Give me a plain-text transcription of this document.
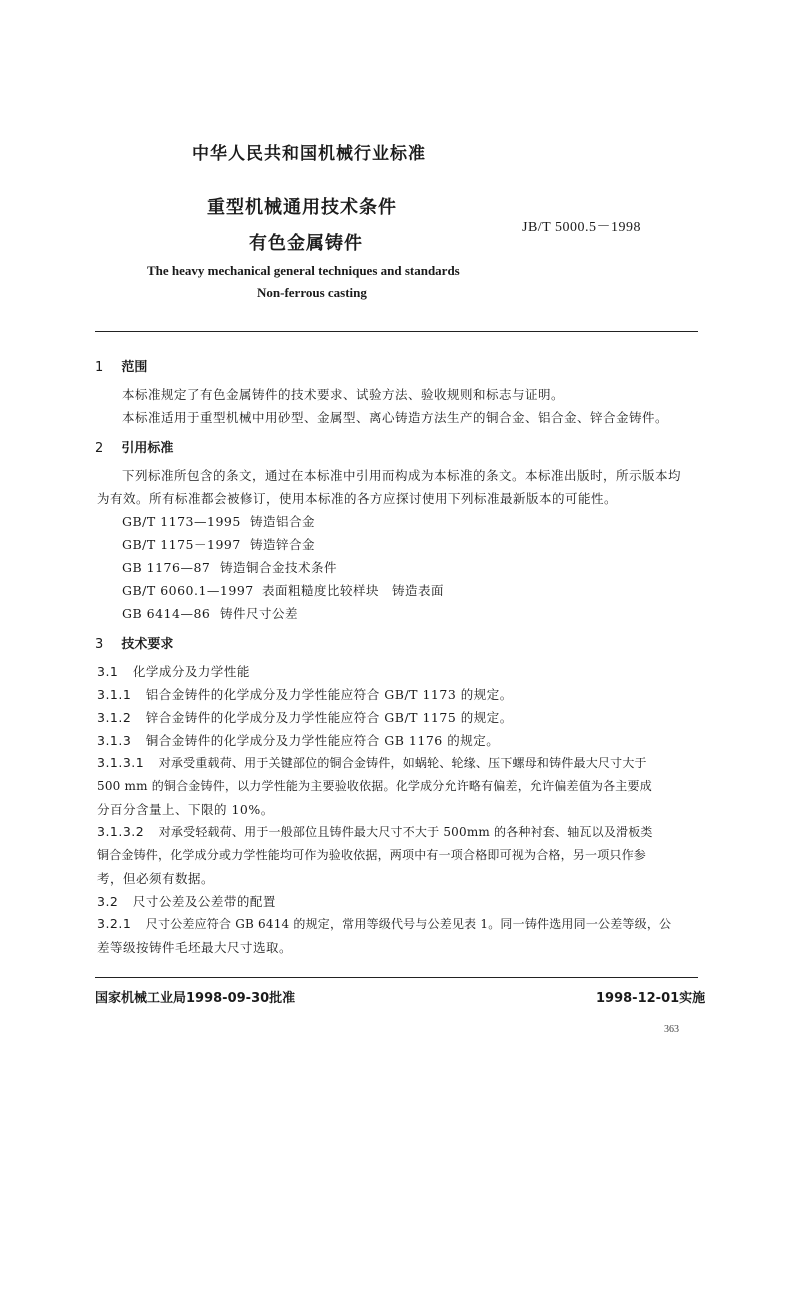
中华人民共和国机械行业标准
重型机械通用技术条件
有色金属铸件
JB/T 5000.5－1998
The heavy mechanical general techniques and standards
Non-ferrous casting
1 范围
本标准规定了有色金属铸件的技术要求、试验方法、验收规则和标志与证明。
本标准适用于重型机械中用砂型、金属型、离心铸造方法生产的铜合金、铝合金、锌合金铸件。
2 引用标准
下列标准所包含的条文，通过在本标准中引用而构成为本标准的条文。本标准出版时，所示版本均
为有效。所有标准都会被修订，使用本标准的各方应探讨使用下列标准最新版本的可能性。
GB/T 1173—1995 铸造铝合金
GB/T 1175－1997 铸造锌合金
GB 1176—87 铸造铜合金技术条件
GB/T 6060.1—1997 表面粗糙度比较样块　铸造表面
GB 6414—86 铸件尺寸公差
3 技术要求
3.1 化学成分及力学性能
3.1.1 铝合金铸件的化学成分及力学性能应符合 GB/T 1173 的规定。
3.1.2 锌合金铸件的化学成分及力学性能应符合 GB/T 1175 的规定。
3.1.3 铜合金铸件的化学成分及力学性能应符合 GB 1176 的规定。
3.1.3.1 对承受重载荷、用于关键部位的铜合金铸件，如蜗轮、轮缘、压下螺母和铸件最大尺寸大于
500 mm 的铜合金铸件，以力学性能为主要验收依据。化学成分允许略有偏差，允许偏差值为各主要成
分百分含量上、下限的 10%。
3.1.3.2 对承受轻载荷、用于一般部位且铸件最大尺寸不大于 500mm 的各种衬套、轴瓦以及滑板类
铜合金铸件，化学成分或力学性能均可作为验收依据，两项中有一项合格即可视为合格，另一项只作参
考，但必须有数据。
3.2 尺寸公差及公差带的配置
3.2.1 尺寸公差应符合 GB 6414 的规定，常用等级代号与公差见表 1。同一铸件选用同一公差等级，公
差等级按铸件毛坯最大尺寸选取。
国家机械工业局1998-09-30批准	1998-12-01实施
363
